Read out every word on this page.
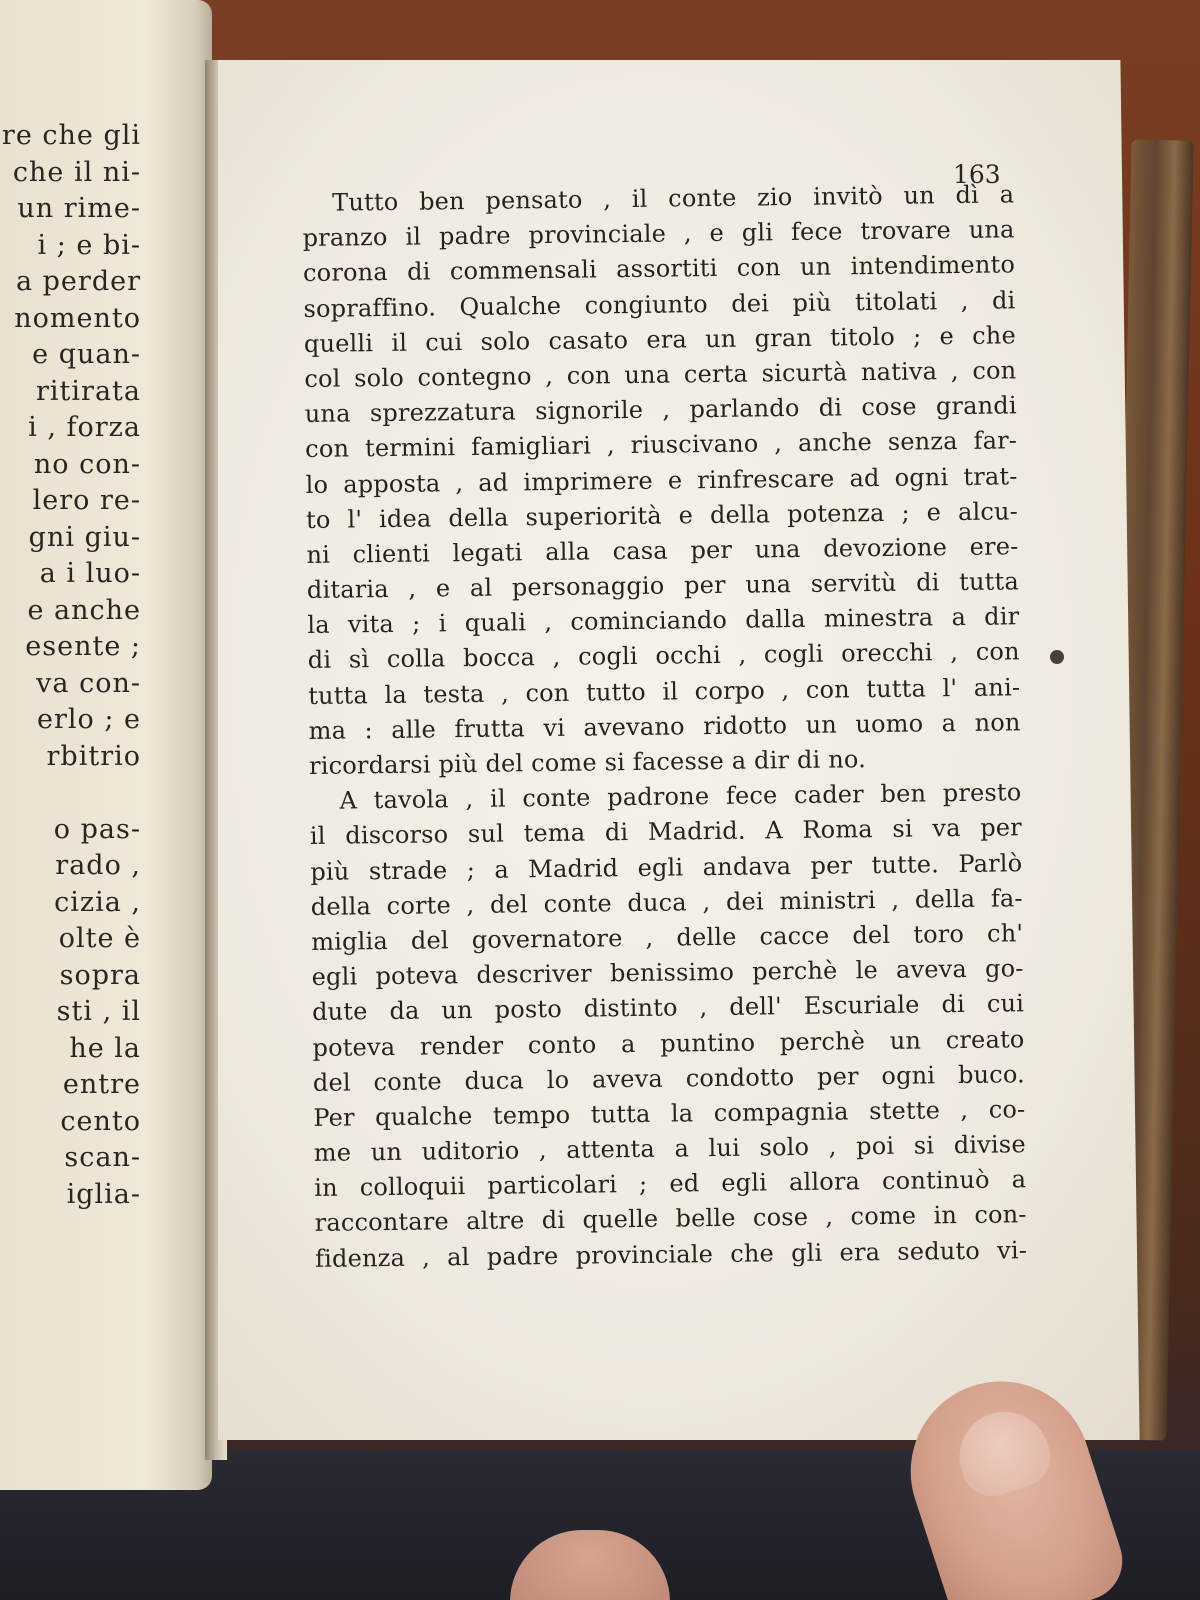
re che gli
che il ni-
un rime-
i ; e bi-
a perder
nomento
e quan-
ritirata
i , forza
no con-
lero re-
gni giu-
a i luo-
e anche
esente ;
va con-
erlo ; e
rbitrio
o pas-
rado ,
cizia ,
olte è
sopra
sti , il
he la
entre
cento
scan-
iglia-
163
Tutto ben pensato , il conte zio invitò un dì a
pranzo il padre provinciale , e gli fece trovare una
corona di commensali assortiti con un intendimento
sopraffino. Qualche congiunto dei più titolati , di
quelli il cui solo casato era un gran titolo ; e che
col solo contegno , con una certa sicurtà nativa , con
una sprezzatura signorile , parlando di cose grandi
con termini famigliari , riuscivano , anche senza far-
lo apposta , ad imprimere e rinfrescare ad ogni trat-
to l' idea della superiorità e della potenza ; e alcu-
ni clienti legati alla casa per una devozione ere-
ditaria , e al personaggio per una servitù di tutta
la vita ; i quali , cominciando dalla minestra a dir
di sì colla bocca , cogli occhi , cogli orecchi , con
tutta la testa , con tutto il corpo , con tutta l' ani-
ma : alle frutta vi avevano ridotto un uomo a non
ricordarsi più del come si facesse a dir di no.
A tavola , il conte padrone fece cader ben presto
il discorso sul tema di Madrid. A Roma si va per
più strade ; a Madrid egli andava per tutte. Parlò
della corte , del conte duca , dei ministri , della fa-
miglia del governatore , delle cacce del toro ch'
egli poteva descriver benissimo perchè le aveva go-
dute da un posto distinto , dell' Escuriale di cui
poteva render conto a puntino perchè un creato
del conte duca lo aveva condotto per ogni buco.
Per qualche tempo tutta la compagnia stette , co-
me un uditorio , attenta a lui solo , poi si divise
in colloquii particolari ; ed egli allora continuò a
raccontare altre di quelle belle cose , come in con-
fidenza , al padre provinciale che gli era seduto vi-
